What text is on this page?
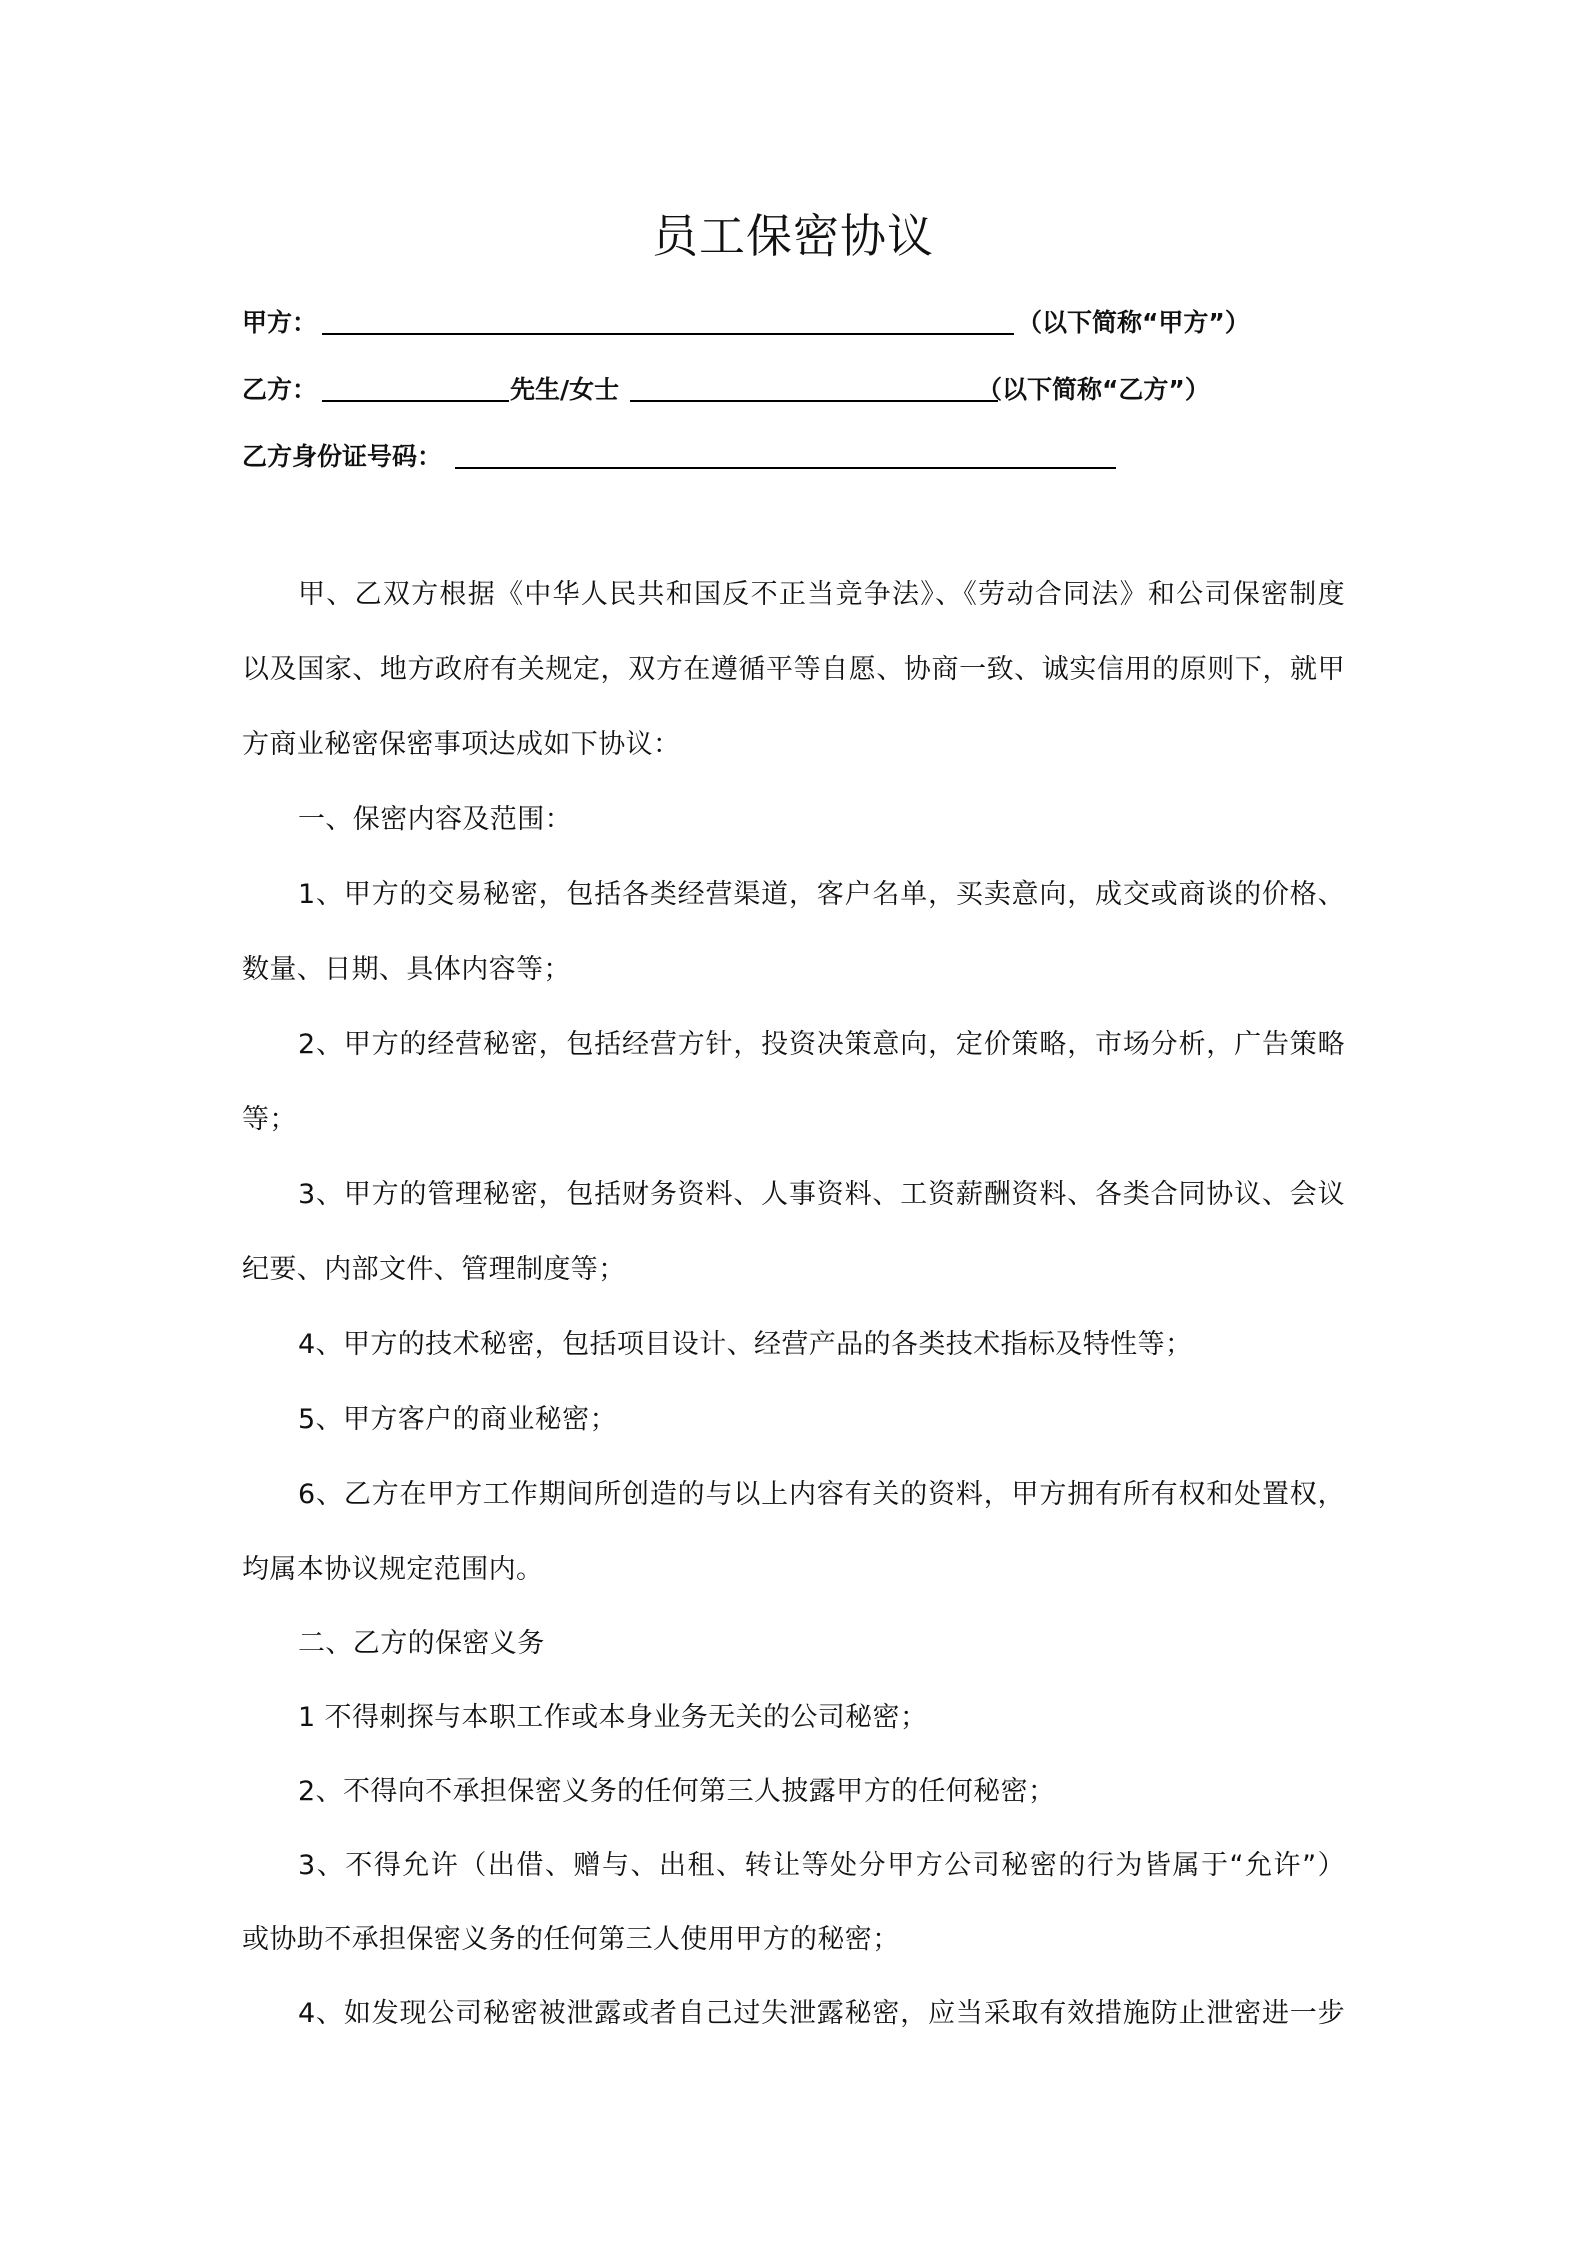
员工保密协议
甲方：	（以下简称“甲方”）
乙方：	先生/女士	（以下简称“乙方”）
乙方身份证号码：
甲、乙双方根据《中华人民共和国反不正当竞争法》、《劳动合同法》和公司保密制度
以及国家、地方政府有关规定，双方在遵循平等自愿、协商一致、诚实信用的原则下，就甲
方商业秘密保密事项达成如下协议：
一、保密内容及范围：
1、甲方的交易秘密，包括各类经营渠道，客户名单，买卖意向，成交或商谈的价格、
数量、日期、具体内容等；
2、甲方的经营秘密，包括经营方针，投资决策意向，定价策略，市场分析，广告策略
等；
3、甲方的管理秘密，包括财务资料、人事资料、工资薪酬资料、各类合同协议、会议
纪要、内部文件、管理制度等；
4、甲方的技术秘密，包括项目设计、经营产品的各类技术指标及特性等；
5、甲方客户的商业秘密；
6、乙方在甲方工作期间所创造的与以上内容有关的资料，甲方拥有所有权和处置权，
均属本协议规定范围内。
二、乙方的保密义务
1 不得刺探与本职工作或本身业务无关的公司秘密；
2、不得向不承担保密义务的任何第三人披露甲方的任何秘密；
3、不得允许（出借、赠与、出租、转让等处分甲方公司秘密的行为皆属于“允许”）
或协助不承担保密义务的任何第三人使用甲方的秘密；
4、如发现公司秘密被泄露或者自己过失泄露秘密，应当采取有效措施防止泄密进一步
